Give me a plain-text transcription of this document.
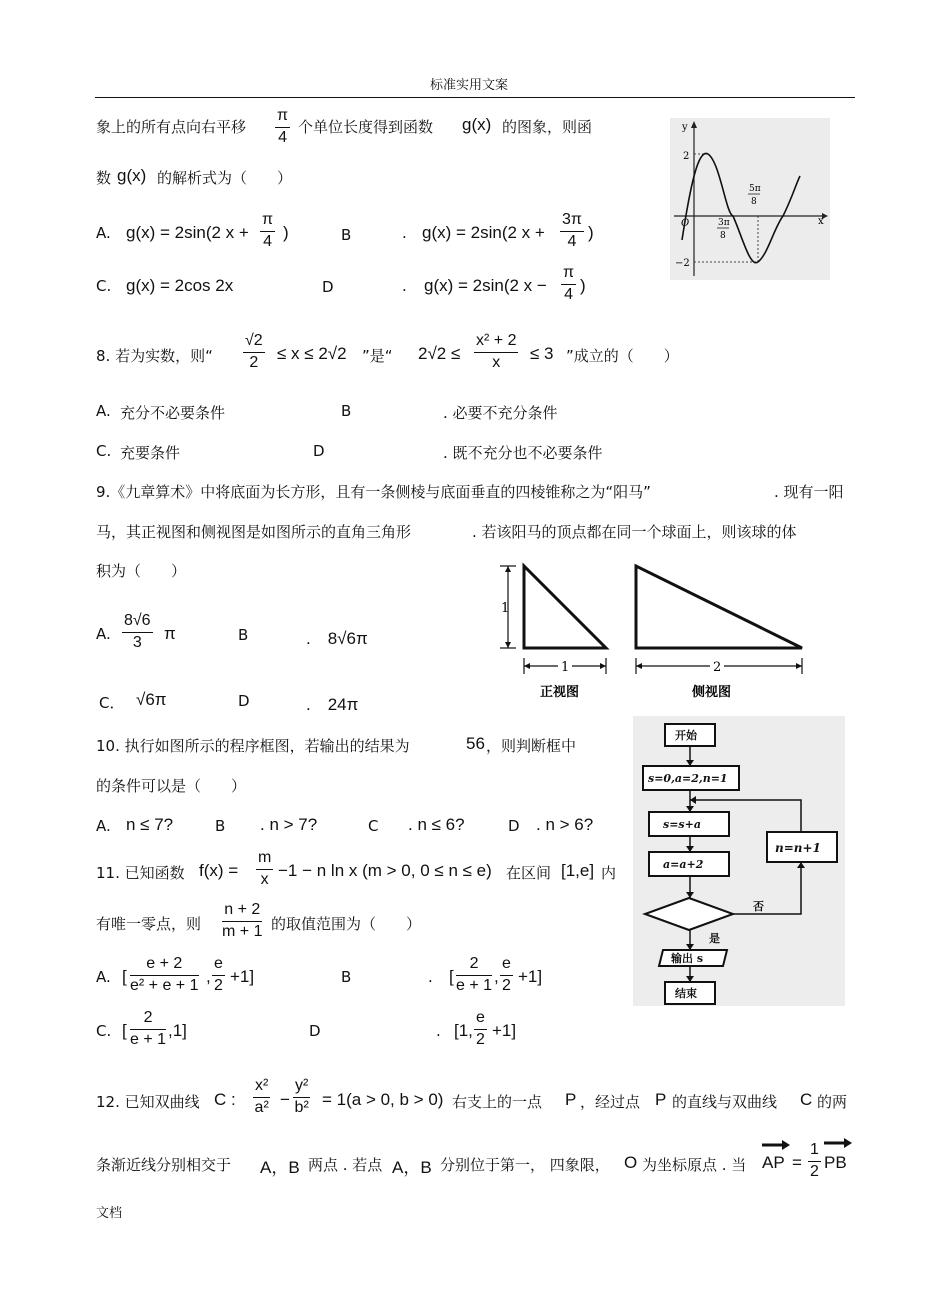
标准实用文案
象上的所有点向右平移 $\frac{\pi}{4}$ 个单位长度得到函数 g(x) 的图象，则函
数 g(x) 的解析式为（　　）
A. g(x) = 2sin(2 $x + \frac{\pi}{4}$ )	B	. g(x) = 2sin(2 $x + \frac{3\pi}{4}$ )
C. g(x) = 2cos 2x	D	. g(x) = 2sin(2 $x - \frac{\pi}{4}$ )
y
x
O
2
−2
3π
8
5π
8
8. 若为实数，则“ $\frac{√2}{2} \le x \le 2√2$ ”是“ $2√2 \le \frac{\text{x² + 2}}{x} \le 3$ ”成立的（　　）
A. 充分不必要条件	B	. 必要不充分条件
C. 充要条件	D	. 既不充分也不必要条件
9.《九章算术》中将底面为长方形，且有一条侧棱与底面垂直的四棱锥称之为“阳马”	. 现有一阳
马，其正视图和侧视图是如图所示的直角三角形	. 若该阳马的顶点都在同一个球面上，则该球的体
积为（　　）
A. $\frac{8√6}{3}$ π	B	.　8√6π
C． √6π	D	.　24π
1
1
正视图
2
侧视图
10. 执行如图所示的程序框图，若输出的结果为	56 ，则判断框中
的条件可以是（　　）
A. n ≤ 7?	B . n > 7?	C . n ≤ 6?	D . n > 6?
开始
s=0,a=2,n=1
s=s+a
a=a+2
n=n+1
否
是
输出 s
结束
11. 已知函数 $f(x) = \frac{m}{x} -1 - n$ ln x (m > 0, 0 ≤ n ≤ e) 在区间 [1,e] 内
有唯一零点，则 $\frac{n + 2}{m + 1}$ 的取值范围为（　　）
A. [ $\frac{e + 2}{\text{e² + e + 1}}$ , $\frac{e}{2} +1$]	B	. [ $\frac{2}{e + 1}$ , $\frac{e}{2} +1$]
C. [ $\frac{2}{e + 1} ,1$]	D	. [1, $\frac{e}{2} +1$]
12. 已知双曲线 C : $\frac{\text{x²}}{\text{a²}} - \frac{\text{y²}}{\text{b²}} = 1(a > 0$, b > 0) 右支上的一点 P ，经过点 P 的直线与双曲线 C 的两
条渐近线分别相交于 A，B 两点 . 若点 A，B 分别位于第一， 四象限， O 为坐标原点 . 当 AP = $\frac{1}{2}$ PB
文档
